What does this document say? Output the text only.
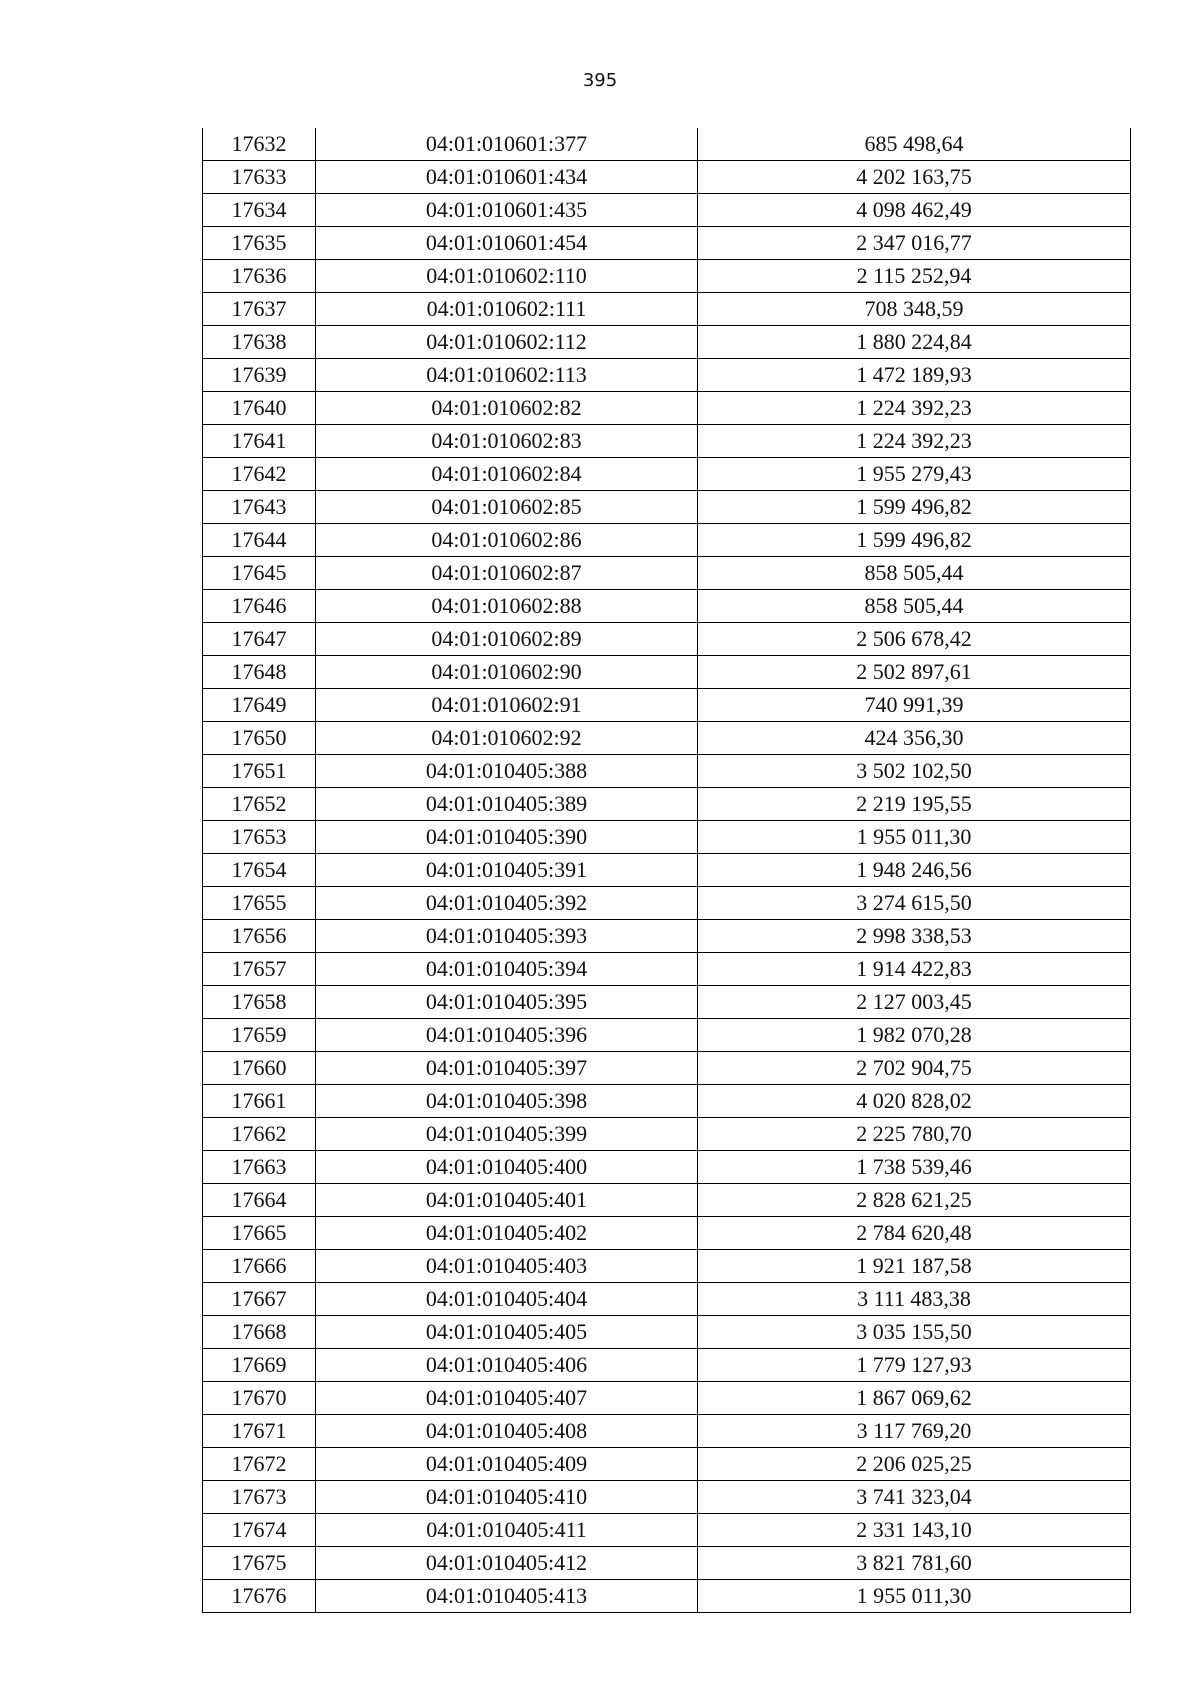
395
17632	04:01:010601:377	685 498,64
17633	04:01:010601:434	4 202 163,75
17634	04:01:010601:435	4 098 462,49
17635	04:01:010601:454	2 347 016,77
17636	04:01:010602:110	2 115 252,94
17637	04:01:010602:111	708 348,59
17638	04:01:010602:112	1 880 224,84
17639	04:01:010602:113	1 472 189,93
17640	04:01:010602:82	1 224 392,23
17641	04:01:010602:83	1 224 392,23
17642	04:01:010602:84	1 955 279,43
17643	04:01:010602:85	1 599 496,82
17644	04:01:010602:86	1 599 496,82
17645	04:01:010602:87	858 505,44
17646	04:01:010602:88	858 505,44
17647	04:01:010602:89	2 506 678,42
17648	04:01:010602:90	2 502 897,61
17649	04:01:010602:91	740 991,39
17650	04:01:010602:92	424 356,30
17651	04:01:010405:388	3 502 102,50
17652	04:01:010405:389	2 219 195,55
17653	04:01:010405:390	1 955 011,30
17654	04:01:010405:391	1 948 246,56
17655	04:01:010405:392	3 274 615,50
17656	04:01:010405:393	2 998 338,53
17657	04:01:010405:394	1 914 422,83
17658	04:01:010405:395	2 127 003,45
17659	04:01:010405:396	1 982 070,28
17660	04:01:010405:397	2 702 904,75
17661	04:01:010405:398	4 020 828,02
17662	04:01:010405:399	2 225 780,70
17663	04:01:010405:400	1 738 539,46
17664	04:01:010405:401	2 828 621,25
17665	04:01:010405:402	2 784 620,48
17666	04:01:010405:403	1 921 187,58
17667	04:01:010405:404	3 111 483,38
17668	04:01:010405:405	3 035 155,50
17669	04:01:010405:406	1 779 127,93
17670	04:01:010405:407	1 867 069,62
17671	04:01:010405:408	3 117 769,20
17672	04:01:010405:409	2 206 025,25
17673	04:01:010405:410	3 741 323,04
17674	04:01:010405:411	2 331 143,10
17675	04:01:010405:412	3 821 781,60
17676	04:01:010405:413	1 955 011,30
